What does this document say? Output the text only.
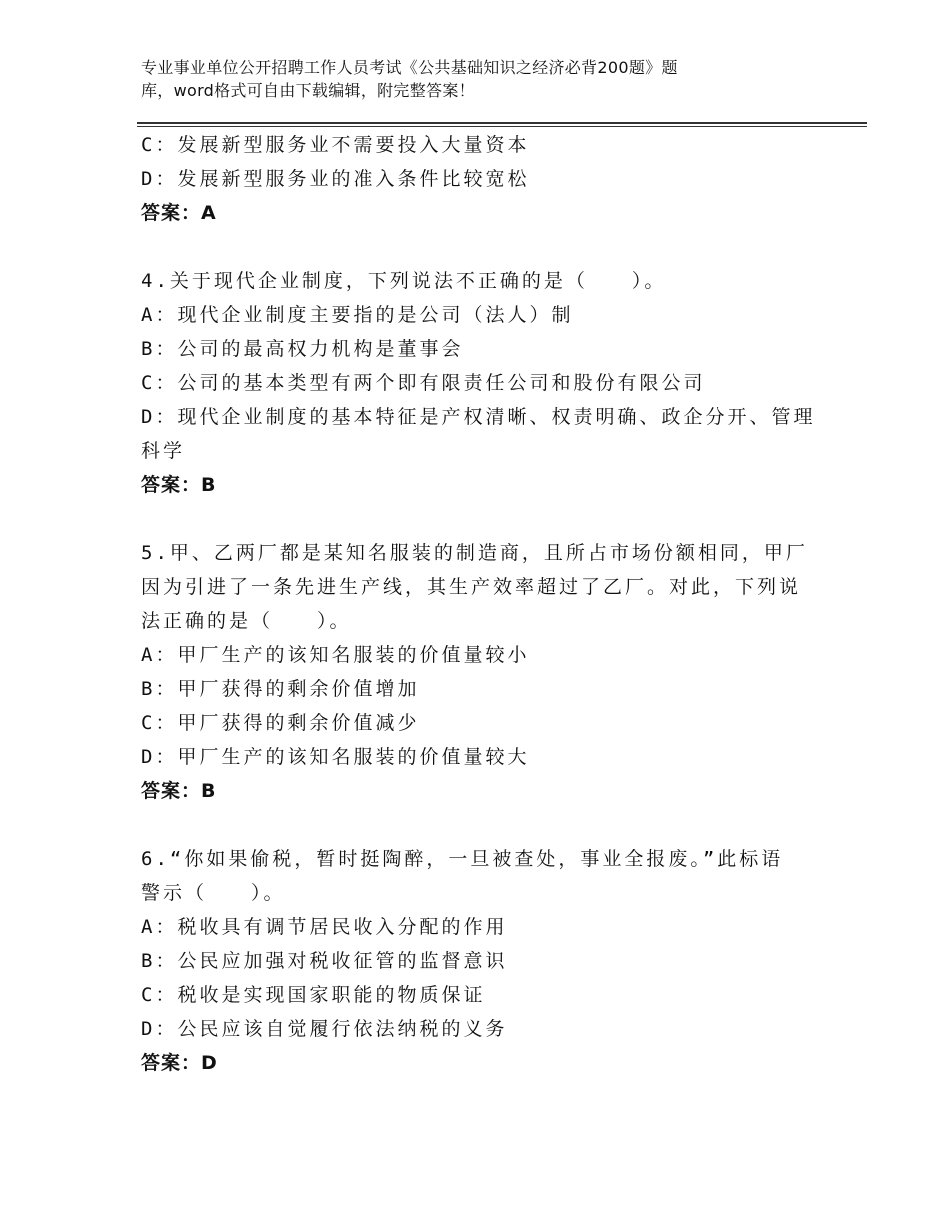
专业事业单位公开招聘工作人员考试《公共基础知识之经济必背200题》题
库，word格式可自由下载编辑，附完整答案！
C：发展新型服务业不需要投入大量资本
D：发展新型服务业的准入条件比较宽松
答案：A
4.关于现代企业制度，下列说法不正确的是（　　）。
A：现代企业制度主要指的是公司（法人）制
B：公司的最高权力机构是董事会
C：公司的基本类型有两个即有限责任公司和股份有限公司
D：现代企业制度的基本特征是产权清晰、权责明确、政企分开、管理
科学
答案：B
5.甲、乙两厂都是某知名服装的制造商，且所占市场份额相同，甲厂
因为引进了一条先进生产线，其生产效率超过了乙厂。对此，下列说
法正确的是（　　）。
A：甲厂生产的该知名服装的价值量较小
B：甲厂获得的剩余价值增加
C：甲厂获得的剩余价值减少
D：甲厂生产的该知名服装的价值量较大
答案：B
6.“你如果偷税，暂时挺陶醉，一旦被查处，事业全报废。”此标语
警示（　　）。
A：税收具有调节居民收入分配的作用
B：公民应加强对税收征管的监督意识
C：税收是实现国家职能的物质保证
D：公民应该自觉履行依法纳税的义务
答案：D
